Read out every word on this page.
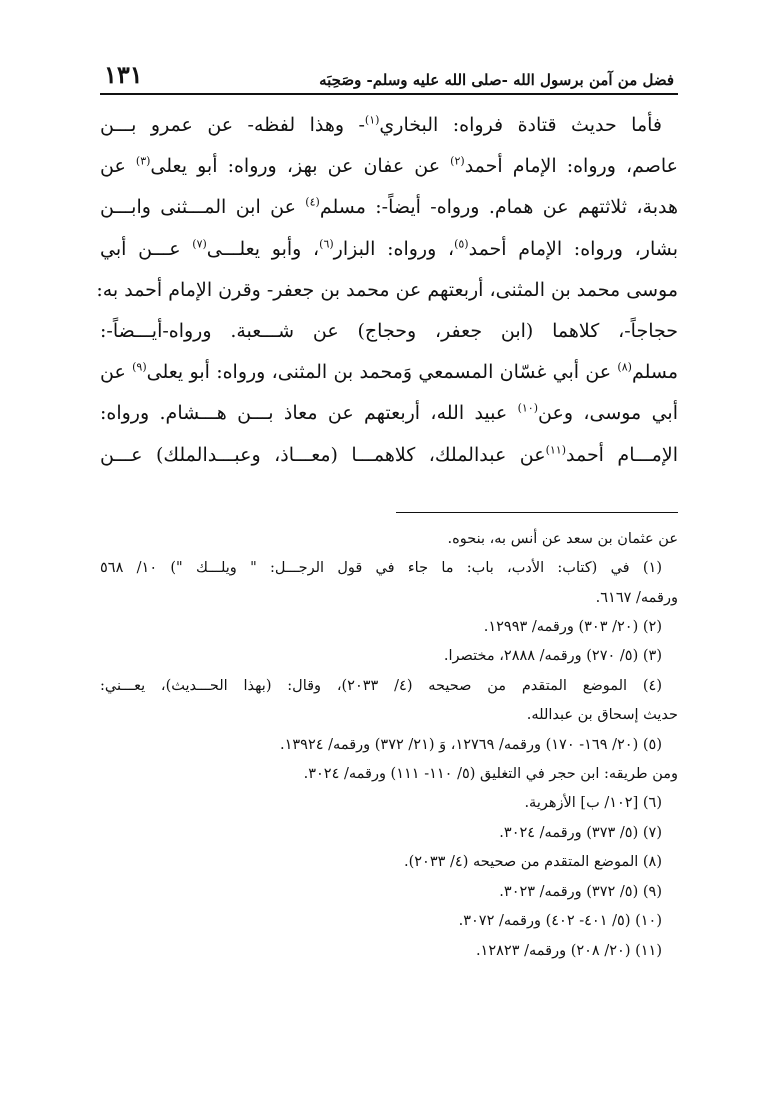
فضل من آمن برسول الله -صلى الله عليه وسلم- وصَحِبَه
١٣١

فأما حديث قتادة فرواه: البخاري$^{(١)}$- وهذا لفظه- عن عمرو بـــن

عاصم، ورواه: الإمام أحمد$^{(٢)}$ عن عفان عن بهز، ورواه: أبو يعلى$^{(٣)}$ عن

هدبة، ثلاثتهم عن همام. ورواه- أيضاً-: مسلم$^{(٤)}$ عن ابن المـــثنى وابـــن

بشار، ورواه: الإمام أحمد$^{(٥)}$، ورواه: البزار$^{(٦)}$، وأبو يعلـــى$^{(٧)}$ عـــن أبي

موسى محمد بن المثنى، أربعتهم عن محمد بن جعفر- وقرن الإمام أحمد به:

حجاجاً-، كلاهما (ابن جعفر، وحجاج) عن شـــعبة. ورواه-أيـــضاً-:

مسلم$^{(٨)}$ عن أبي غسّان المسمعي وَمحمد بن المثنى، ورواه: أبو يعلى$^{(٩)}$ عن

أبي موسى، وعن$^{(١٠)}$ عبيد الله، أربعتهم عن معاذ بـــن هـــشام. ورواه:

الإمـــام أحمد$^{(١١)}$عن عبدالملك، كلاهمـــا (معـــاذ، وعبـــدالملك) عـــن

عن عثمان بن سعد عن أنس به، بنحوه.
(١) في (كتاب: الأدب، باب: ما جاء في قول الرجـــل: " ويلـــك ") ١٠/ ٥٦٨
ورقمه/ ٦١٦٧.
(٢) (٢٠/ ٣٠٣) ورقمه/ ١٢٩٩٣.
(٣) (٥/ ٢٧٠) ورقمه/ ٢٨٨٨، مختصرا.
(٤) الموضع المتقدم من صحيحه (٤/ ٢٠٣٣)، وقال: (بهذا الحـــديث)، يعـــني:
حديث إسحاق بن عبدالله.
(٥) (٢٠/ ١٦٩- ١٧٠) ورقمه/ ١٢٧٦٩، وَ (٢١/ ٣٧٢) ورقمه/ ١٣٩٢٤.
ومن طريقه: ابن حجر في التغليق (٥/ ١١٠- ١١١) ورقمه/ ٣٠٢٤.
(٦) [١٠٢/ ب] الأزهرية.
(٧) (٥/ ٣٧٣) ورقمه/ ٣٠٢٤.
(٨) الموضع المتقدم من صحيحه (٤/ ٢٠٣٣).
(٩) (٥/ ٣٧٢) ورقمه/ ٣٠٢٣.
(١٠) (٥/ ٤٠١- ٤٠٢) ورقمه/ ٣٠٧٢.
(١١) (٢٠/ ٢٠٨) ورقمه/ ١٢٨٢٣.
